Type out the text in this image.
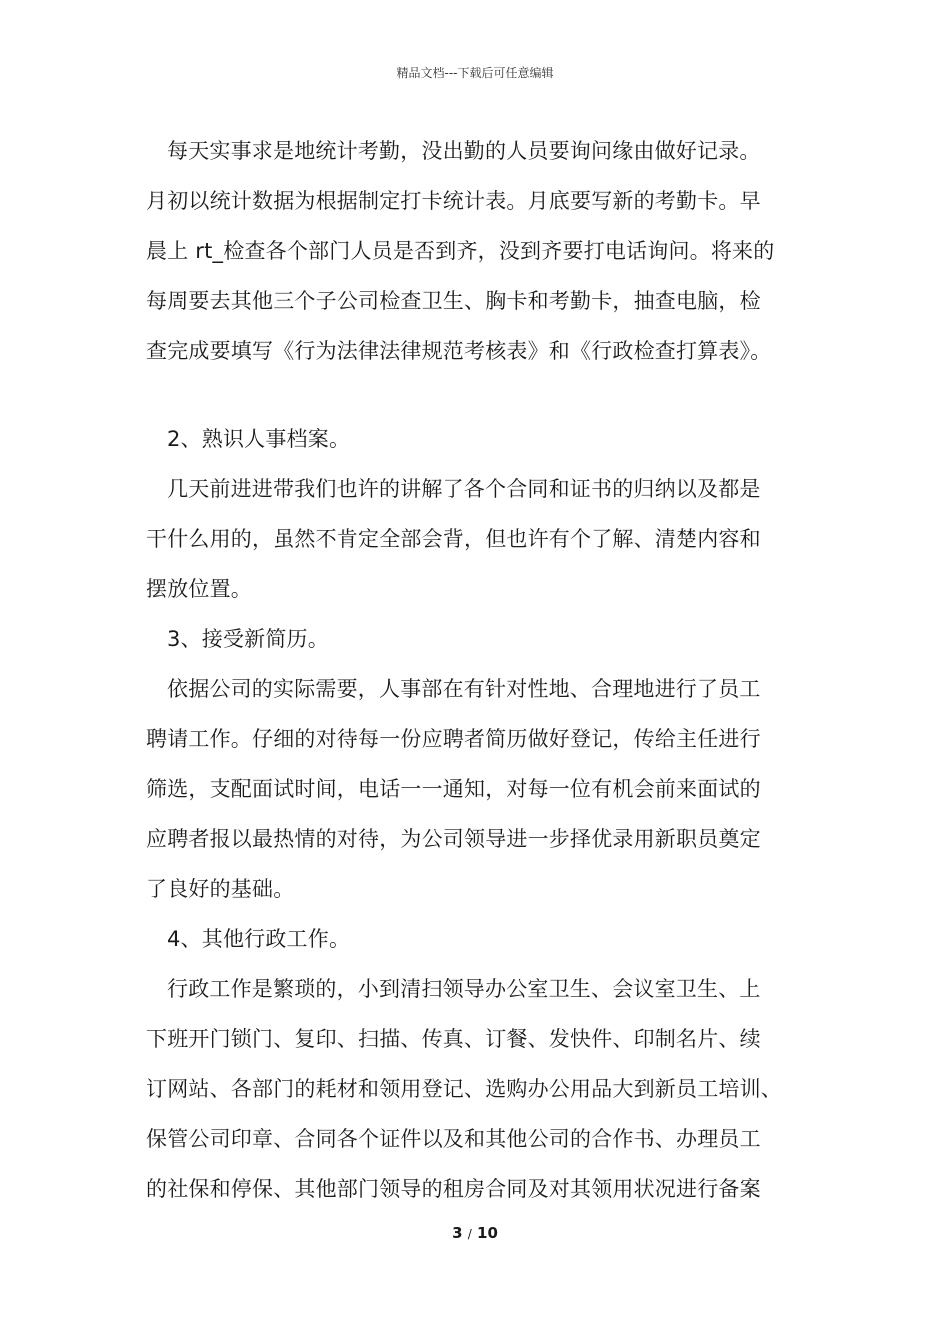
精品文档---下载后可任意编辑
每天实事求是地统计考勤，没出勤的人员要询问缘由做好记录。
月初以统计数据为根据制定打卡统计表。月底要写新的考勤卡。早
晨上 rt_检查各个部门人员是否到齐，没到齐要打电话询问。将来的
每周要去其他三个子公司检查卫生、胸卡和考勤卡，抽查电脑，检
查完成要填写《行为法律法律规范考核表》和《行政检查打算表》。
2、熟识人事档案。
几天前进进带我们也许的讲解了各个合同和证书的归纳以及都是
干什么用的，虽然不肯定全部会背，但也许有个了解、清楚内容和
摆放位置。
3、接受新简历。
依据公司的实际需要，人事部在有针对性地、合理地进行了员工
聘请工作。仔细的对待每一份应聘者简历做好登记，传给主任进行
筛选，支配面试时间，电话一一通知，对每一位有机会前来面试的
应聘者报以最热情的对待，为公司领导进一步择优录用新职员奠定
了良好的基础。
4、其他行政工作。
行政工作是繁琐的，小到清扫领导办公室卫生、会议室卫生、上
下班开门锁门、复印、扫描、传真、订餐、发快件、印制名片、续
订网站、各部门的耗材和领用登记、选购办公用品大到新员工培训、
保管公司印章、合同各个证件以及和其他公司的合作书、办理员工
的社保和停保、其他部门领导的租房合同及对其领用状况进行备案
3 / 10
